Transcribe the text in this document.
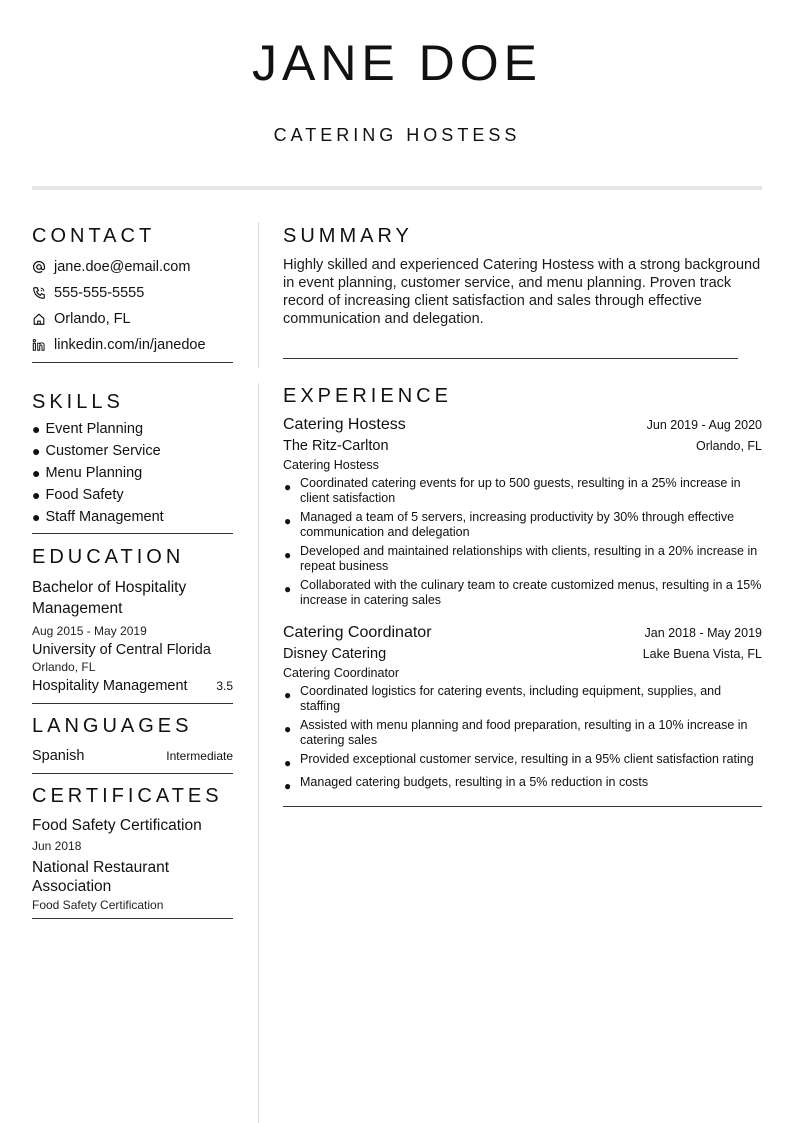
JANE DOE
CATERING HOSTESS
CONTACT
jane.doe@email.com
555-555-5555
Orlando, FL
linkedin.com/in/janedoe
SKILLS
● Event Planning
● Customer Service
● Menu Planning
● Food Safety
● Staff Management
EDUCATION
Bachelor of Hospitality Management
Aug 2015 - May 2019
University of Central Florida
Orlando, FL
Hospitality Management 3.5
LANGUAGES
Spanish	Intermediate
CERTIFICATES
Food Safety Certification
Jun 2018
National Restaurant Association
Food Safety Certification
SUMMARY
Highly skilled and experienced Catering Hostess with a strong background in event planning, customer service, and menu planning. Proven track record of increasing client satisfaction and sales through effective communication and delegation.
EXPERIENCE
Catering Hostess	Jun 2019 - Aug 2020
The Ritz-Carlton	Orlando, FL
Catering Hostess
● Coordinated catering events for up to 500 guests, resulting in a 25% increase in client satisfaction
● Managed a team of 5 servers, increasing productivity by 30% through effective communication and delegation
● Developed and maintained relationships with clients, resulting in a 20% increase in repeat business
● Collaborated with the culinary team to create customized menus, resulting in a 15% increase in catering sales
Catering Coordinator	Jan 2018 - May 2019
Disney Catering	Lake Buena Vista, FL
Catering Coordinator
● Coordinated logistics for catering events, including equipment, supplies, and staffing
● Assisted with menu planning and food preparation, resulting in a 10% increase in catering sales
● Provided exceptional customer service, resulting in a 95% client satisfaction rating
● Managed catering budgets, resulting in a 5% reduction in costs
